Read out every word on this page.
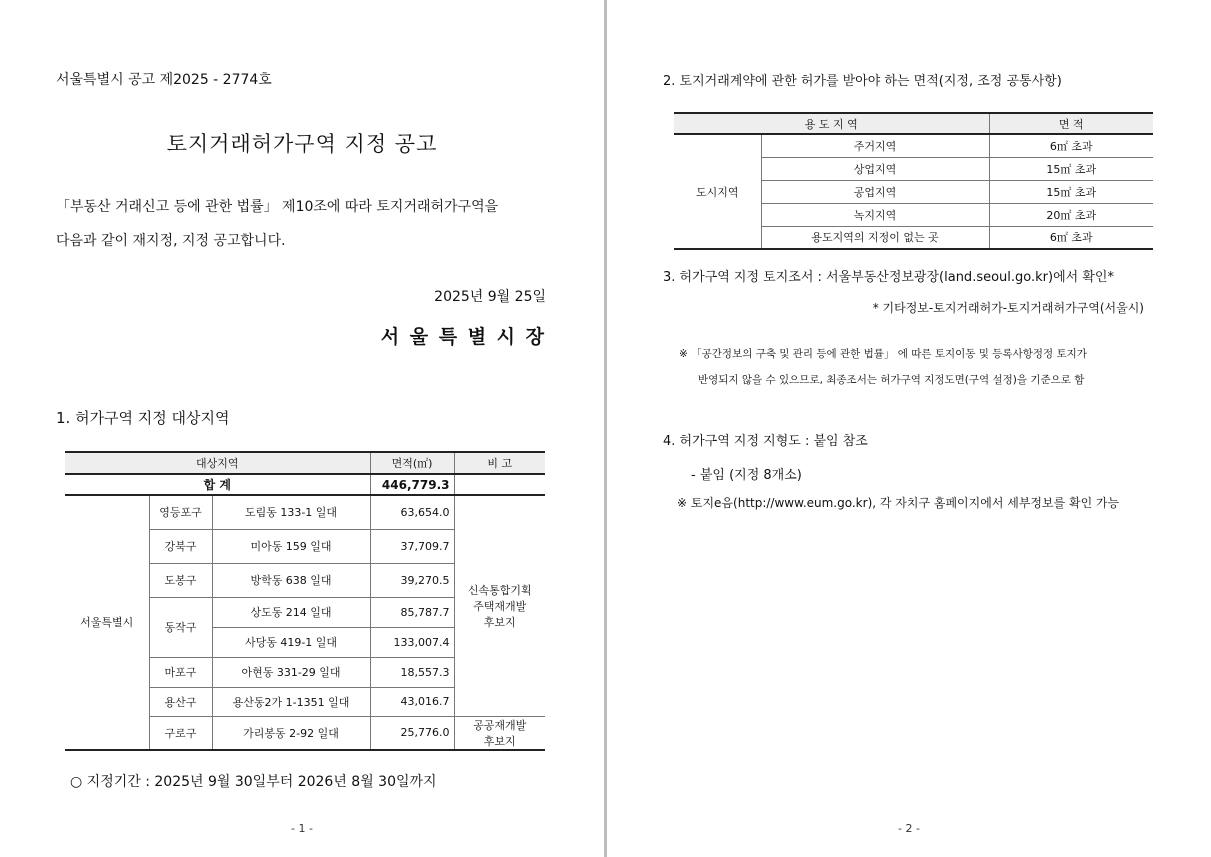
서울특별시 공고 제2025 - 2774호
토지거래허가구역 지정 공고
「부동산 거래신고 등에 관한 법률」 제10조에 따라 토지거래허가구역을
다음과 같이 재지정, 지정 공고합니다.
2025년 9월 25일
서 울 특 별 시 장
1. 허가구역 지정 대상지역
대상지역			면적(㎡)	비 고
합 계			446,779.3	
서울특별시	영등포구	도림동 133-1 일대	63,654.0	신속통합기획
주택재개발
후보지

	강북구	미아동 159 일대	37,709.7	
	도봉구	방학동 638 일대	39,270.5	
	동작구	상도동 214 일대	85,787.7	
		사당동 419-1 일대	133,007.4	
	마포구	아현동 331-29 일대	18,557.3	
	용산구	용산동2가 1-1351 일대	43,016.7	
	구로구	가리봉동 2-92 일대	25,776.0	공공재개발
후보지
○ 지정기간 : 2025년 9월 30일부터 2026년 8월 30일까지
- 1 -
2. 토지거래계약에 관한 허가를 받아야 하는 면적(지정, 조정 공통사항)
용 도 지 역		면 적
도시지역	주거지역	6㎡ 초과
	상업지역	15㎡ 초과
	공업지역	15㎡ 초과
	녹지지역	20㎡ 초과
	용도지역의 지정이 없는 곳	6㎡ 초과
3. 허가구역 지정 토지조서 : 서울부동산정보광장(land.seoul.go.kr)에서 확인*
* 기타정보-토지거래허가-토지거래허가구역(서울시)
※ 「공간정보의 구축 및 관리 등에 관한 법률」 에 따른 토지이동 및 등록사항정정 토지가
반영되지 않을 수 있으므로, 최종조서는 허가구역 지정도면(구역 설정)을 기준으로 함
4. 허가구역 지정 지형도 : 붙임 참조
- 붙임 (지정 8개소)
※ 토지e음(http://www.eum.go.kr), 각 자치구 홈페이지에서 세부정보를 확인 가능
- 2 -
